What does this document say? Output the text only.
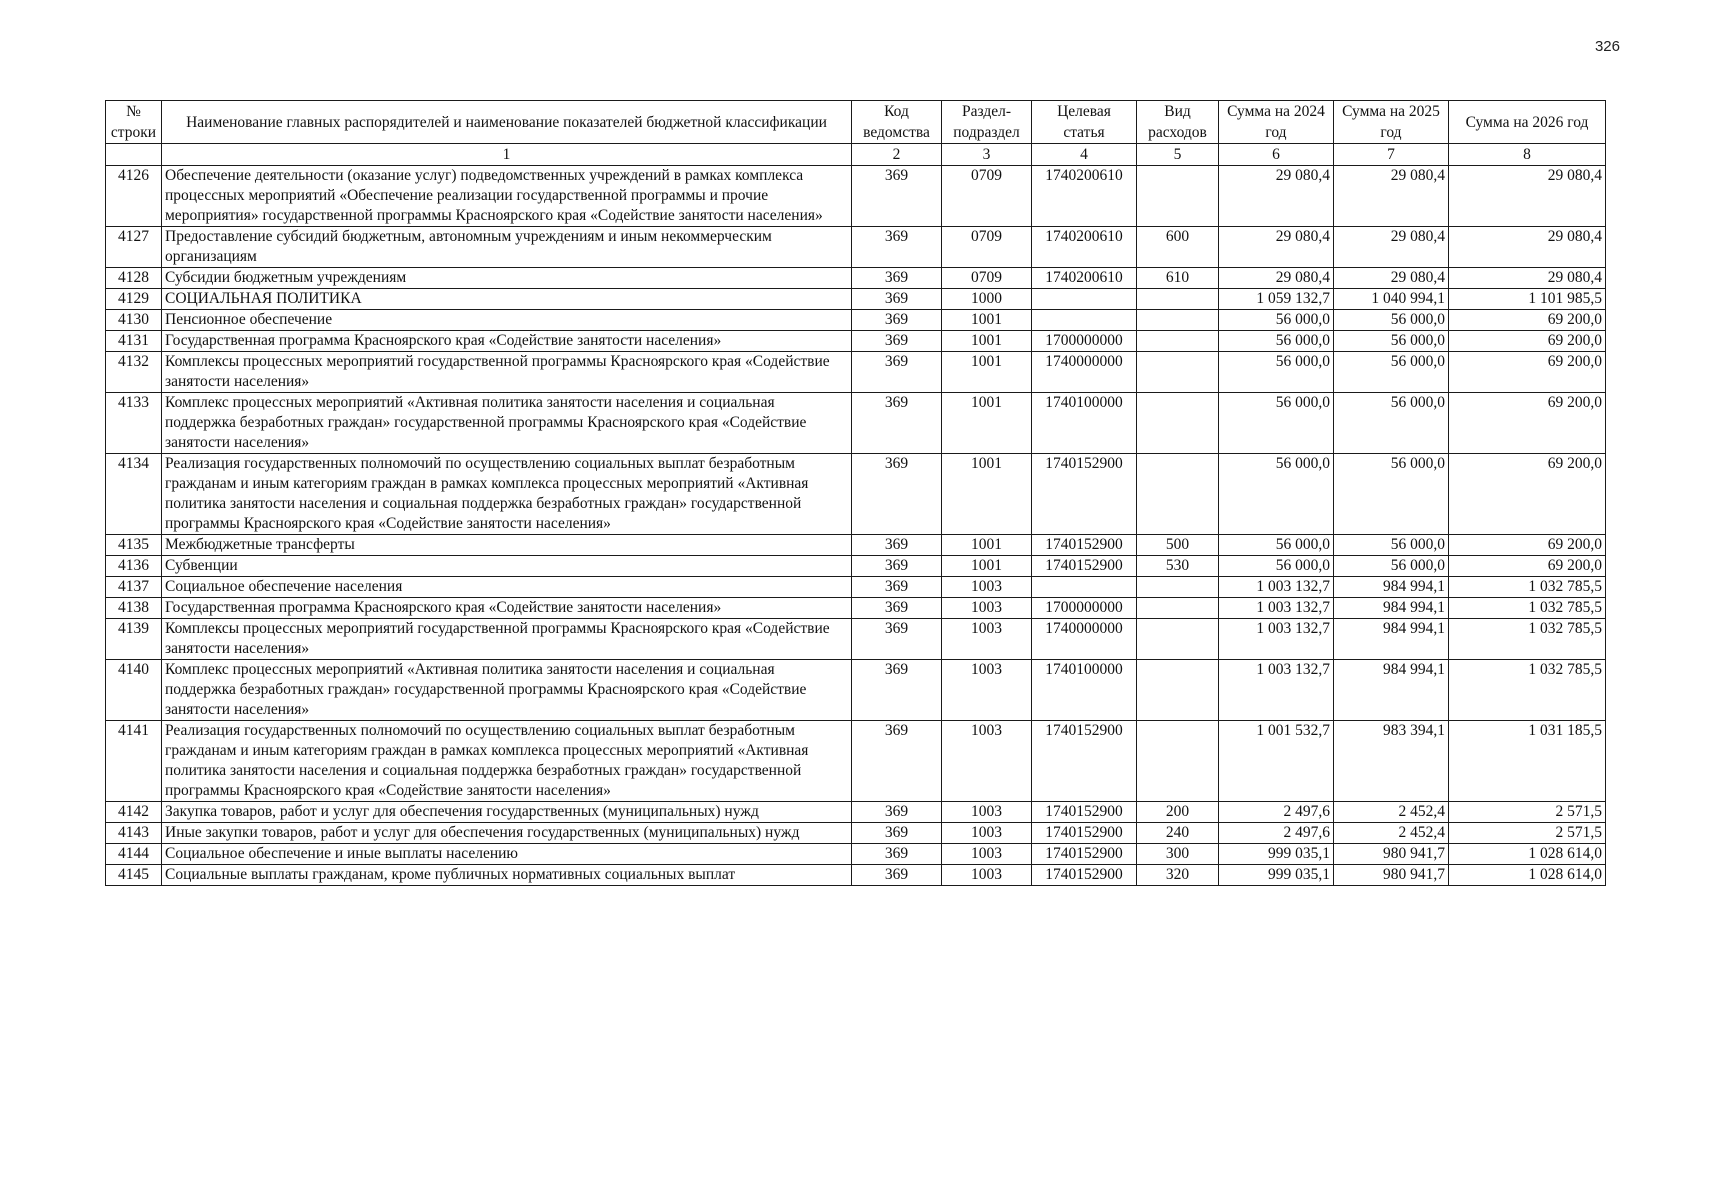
326
№ строки	Наименование главных распорядителей и наименование показателей бюджетной классификации	Код ведомства	Раздел-подраздел	Целевая статья	Вид расходов	Сумма на 2024 год	Сумма на 2025 год	Сумма на 2026 год
	1	2	3	4	5	6	7	8
4126	Обеспечение деятельности (оказание услуг) подведомственных учреждений в рамках комплекса процессных мероприятий «Обеспечение реализации государственной программы и прочие мероприятия» государственной программы Красноярского края «Содействие занятости населения»	369	0709	1740200610		29 080,4	29 080,4	29 080,4
4127	Предоставление субсидий бюджетным, автономным учреждениям и иным некоммерческим организациям	369	0709	1740200610	600	29 080,4	29 080,4	29 080,4
4128	Субсидии бюджетным учреждениям	369	0709	1740200610	610	29 080,4	29 080,4	29 080,4
4129	СОЦИАЛЬНАЯ ПОЛИТИКА	369	1000			1 059 132,7	1 040 994,1	1 101 985,5
4130	Пенсионное обеспечение	369	1001			56 000,0	56 000,0	69 200,0
4131	Государственная программа Красноярского края «Содействие занятости населения»	369	1001	1700000000		56 000,0	56 000,0	69 200,0
4132	Комплексы процессных мероприятий государственной программы Красноярского края «Содействие занятости населения»	369	1001	1740000000		56 000,0	56 000,0	69 200,0
4133	Комплекс процессных мероприятий «Активная политика занятости населения и социальная поддержка безработных граждан» государственной программы Красноярского края «Содействие занятости населения»	369	1001	1740100000		56 000,0	56 000,0	69 200,0
4134	Реализация государственных полномочий по осуществлению социальных выплат безработным гражданам и иным категориям граждан в рамках комплекса процессных мероприятий «Активная политика занятости населения и социальная поддержка безработных граждан» государственной программы Красноярского края «Содействие занятости населения»	369	1001	1740152900		56 000,0	56 000,0	69 200,0
4135	Межбюджетные трансферты	369	1001	1740152900	500	56 000,0	56 000,0	69 200,0
4136	Субвенции	369	1001	1740152900	530	56 000,0	56 000,0	69 200,0
4137	Социальное обеспечение населения	369	1003			1 003 132,7	984 994,1	1 032 785,5
4138	Государственная программа Красноярского края «Содействие занятости населения»	369	1003	1700000000		1 003 132,7	984 994,1	1 032 785,5
4139	Комплексы процессных мероприятий государственной программы Красноярского края «Содействие занятости населения»	369	1003	1740000000		1 003 132,7	984 994,1	1 032 785,5
4140	Комплекс процессных мероприятий «Активная политика занятости населения и социальная поддержка безработных граждан» государственной программы Красноярского края «Содействие занятости населения»	369	1003	1740100000		1 003 132,7	984 994,1	1 032 785,5
4141	Реализация государственных полномочий по осуществлению социальных выплат безработным гражданам и иным категориям граждан в рамках комплекса процессных мероприятий «Активная политика занятости населения и социальная поддержка безработных граждан» государственной программы Красноярского края «Содействие занятости населения»	369	1003	1740152900		1 001 532,7	983 394,1	1 031 185,5
4142	Закупка товаров, работ и услуг для обеспечения государственных (муниципальных) нужд	369	1003	1740152900	200	2 497,6	2 452,4	2 571,5
4143	Иные закупки товаров, работ и услуг для обеспечения государственных (муниципальных) нужд	369	1003	1740152900	240	2 497,6	2 452,4	2 571,5
4144	Социальное обеспечение и иные выплаты населению	369	1003	1740152900	300	999 035,1	980 941,7	1 028 614,0
4145	Социальные выплаты гражданам, кроме публичных нормативных социальных выплат	369	1003	1740152900	320	999 035,1	980 941,7	1 028 614,0
